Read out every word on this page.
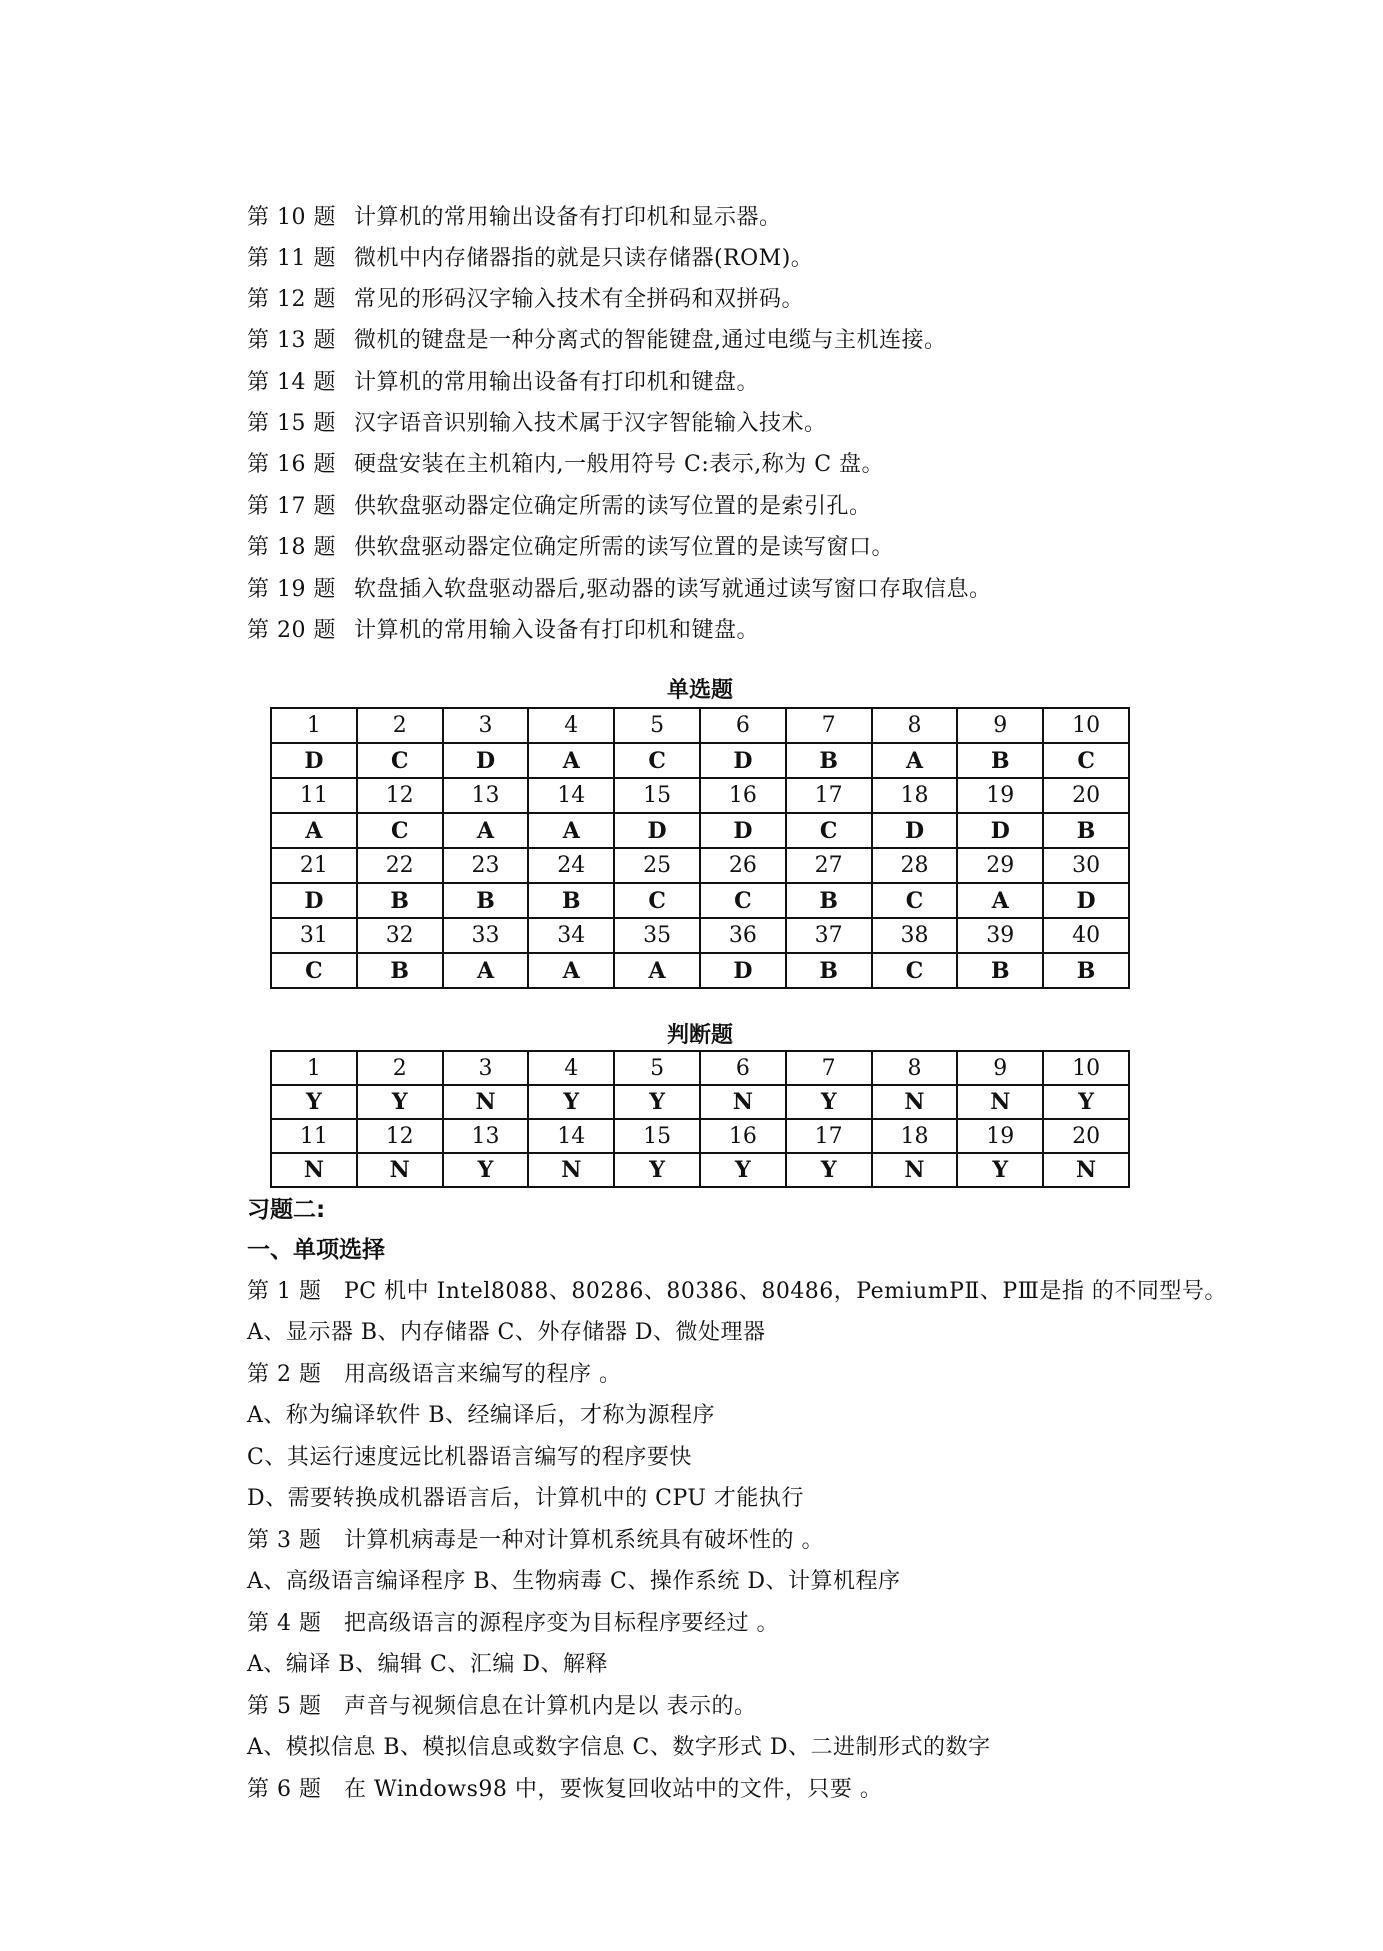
第 10 题 计算机的常用输出设备有打印机和显示器。
第 11 题 微机中内存储器指的就是只读存储器(ROM)。
第 12 题 常见的形码汉字输入技术有全拼码和双拼码。
第 13 题 微机的键盘是一种分离式的智能键盘,通过电缆与主机连接。
第 14 题 计算机的常用输出设备有打印机和键盘。
第 15 题 汉字语音识别输入技术属于汉字智能输入技术。
第 16 题 硬盘安装在主机箱内,一般用符号 C:表示,称为 C 盘。
第 17 题 供软盘驱动器定位确定所需的读写位置的是索引孔。
第 18 题 供软盘驱动器定位确定所需的读写位置的是读写窗口。
第 19 题 软盘插入软盘驱动器后,驱动器的读写就通过读写窗口存取信息。
第 20 题 计算机的常用输入设备有打印机和键盘。
单选题
1	2	3	4	5	6	7	8	9	10
D	C	D	A	C	D	B	A	B	C
11	12	13	14	15	16	17	18	19	20
A	C	A	A	D	D	C	D	D	B
21	22	23	24	25	26	27	28	29	30
D	B	B	B	C	C	B	C	A	D
31	32	33	34	35	36	37	38	39	40
C	B	A	A	A	D	B	C	B	B
判断题
1	2	3	4	5	6	7	8	9	10
Y	Y	N	Y	Y	N	Y	N	N	Y
11	12	13	14	15	16	17	18	19	20
N	N	Y	N	Y	Y	Y	N	Y	N
习题二:
一、单项选择
第 1 题　PC 机中 Intel8088、80286、80386、80486，PemiumPⅡ、PⅢ是指 的不同型号。
A、显示器 B、内存储器 C、外存储器 D、微处理器
第 2 题　用高级语言来编写的程序 。
A、称为编译软件 B、经编译后，才称为源程序
C、其运行速度远比机器语言编写的程序要快
D、需要转换成机器语言后，计算机中的 CPU 才能执行
第 3 题　计算机病毒是一种对计算机系统具有破坏性的 。
A、高级语言编译程序 B、生物病毒 C、操作系统 D、计算机程序
第 4 题　把高级语言的源程序变为目标程序要经过 。
A、编译 B、编辑 C、汇编 D、解释
第 5 题　声音与视频信息在计算机内是以 表示的。
A、模拟信息 B、模拟信息或数字信息 C、数字形式 D、二进制形式的数字
第 6 题　在 Windows98 中，要恢复回收站中的文件，只要 。
